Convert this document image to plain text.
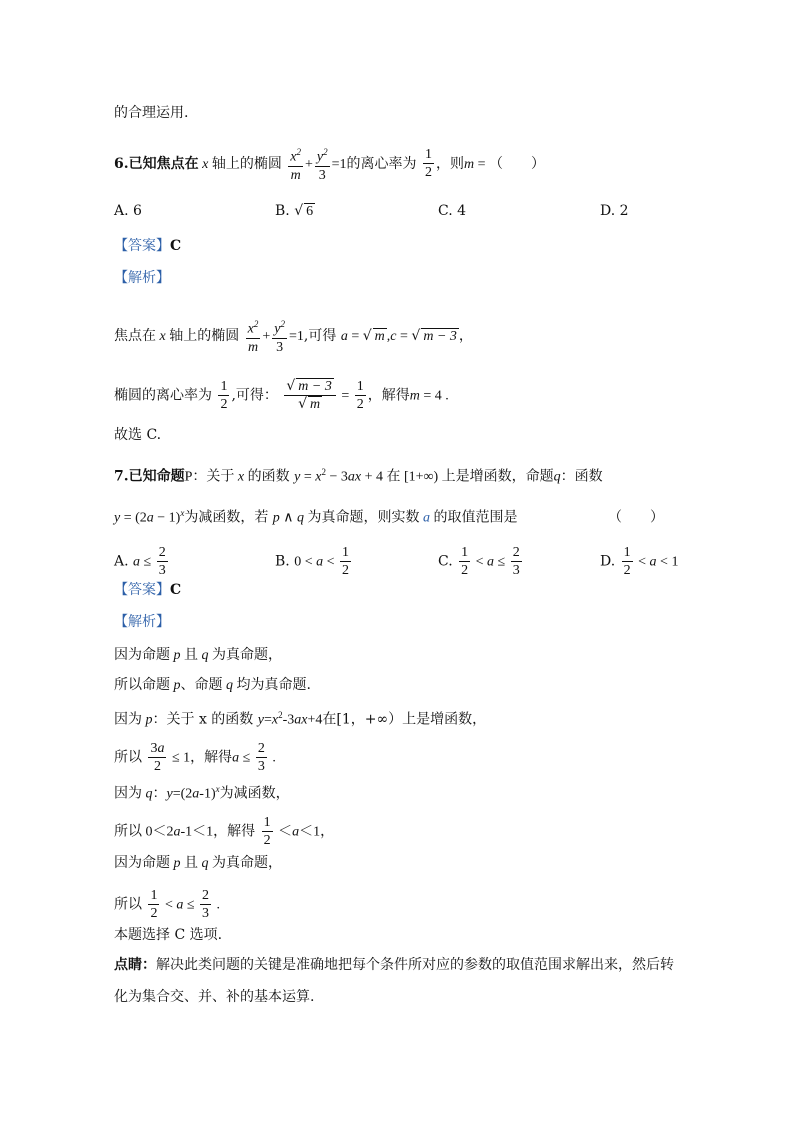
的合理运用.
6.已知焦点在 x 轴上的椭圆 $\frac{x^2}{m} + \frac{y^2}{3} =1$的离心率为 $\frac{1}{2}$ ，则m = （　　）
A. 6	B. √ 6	C. 4	D. 2
【答案】C
【解析】
焦点在 x 轴上的椭圆 $\frac{x^2}{m} + \frac{y^2}{3} =1$,可得 a = √ m ,c = √ m − 3 ，
椭圆的离心率为 $\frac{1}{2}$ ,可得： $\frac{√ m - 3}{√ m} = \frac{1}{2}$ ，解得m = 4 .
故选 C.
7.已知命题P：关于 x 的函数 $y = x^2 - 3ax + 4$ 在 [1+∞) 上是增函数，命题q：函数
$y = (2a - 1)^x$为减函数，若 p ∧ q 为真命题，则实数 a 的取值范围是	（　　）
A. $a \le \frac{2}{3}$	B. $0 < a < \frac{1}{2}$	C. $\frac{1}{2} < a \le \frac{2}{3}$	D. $\frac{1}{2} < a < 1$
【答案】C
【解析】
因为命题 p 且 q 为真命题，
所以命题 p、命题 q 均为真命题.
因为 p：关于 x 的函数 $y=x^2-3ax+4$在[1，+∞）上是增函数，
所以 $\frac{3a}{2} \le 1$，解得$a \le \frac{2}{3}$ .
因为 q：$y=(2a-1)^x$为减函数，
所以 0＜2a-1＜1，解得 $\frac{1}{2} <a<1$，
因为命题 p 且 q 为真命题，
所以 $\frac{1}{2} < a \le \frac{2}{3}$ .
本题选择 C 选项.
点睛：解决此类问题的关键是准确地把每个条件所对应的参数的取值范围求解出来，然后转
化为集合交、并、补的基本运算.
